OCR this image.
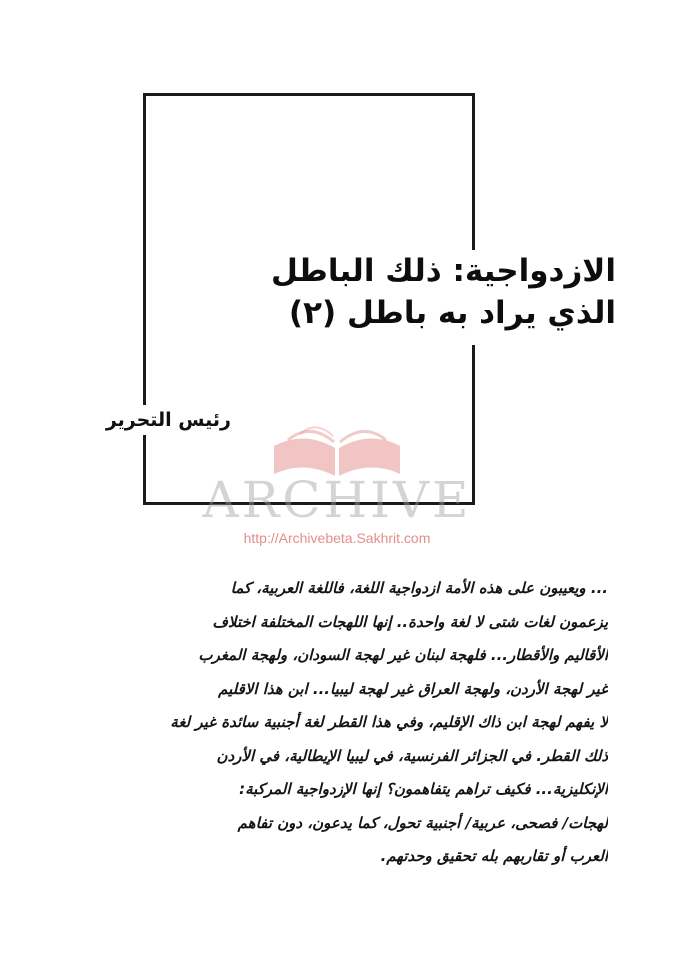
الازدواجية: ذلك الباطل
الذي يراد به باطل (٢)
رئيس التحرير
ARCHIVE
http://Archivebeta.Sakhrit.com
... ويعيبون على هذه الأمة ازدواجية اللغة، فاللغة العربية، كما
يزعمون لغات شتى لا لغة واحدة.. إنها اللهجات المختلفة اختلاف
الأقاليم والأقطار... فلهجة لبنان غير لهجة السودان، ولهجة المغرب
غير لهجة الأردن، ولهجة العراق غير لهجة ليبيا... ابن هذا الاقليم
لا يفهم لهجة ابن ذاك الإقليم، وفي هذا القطر لغة أجنبية سائدة غير لغة
ذلك القطر. في الجزائر الفرنسية، في ليبيا الإيطالية، في الأردن
الإنكليزية... فكيف تراهم يتفاهمون؟ إنها الإزدواجية المركبة:
لهجات/ فصحى، عربية/ أجنبية تحول، كما يدعون، دون تفاهم
العرب أو تقاربهم بله تحقيق وحدتهم.
